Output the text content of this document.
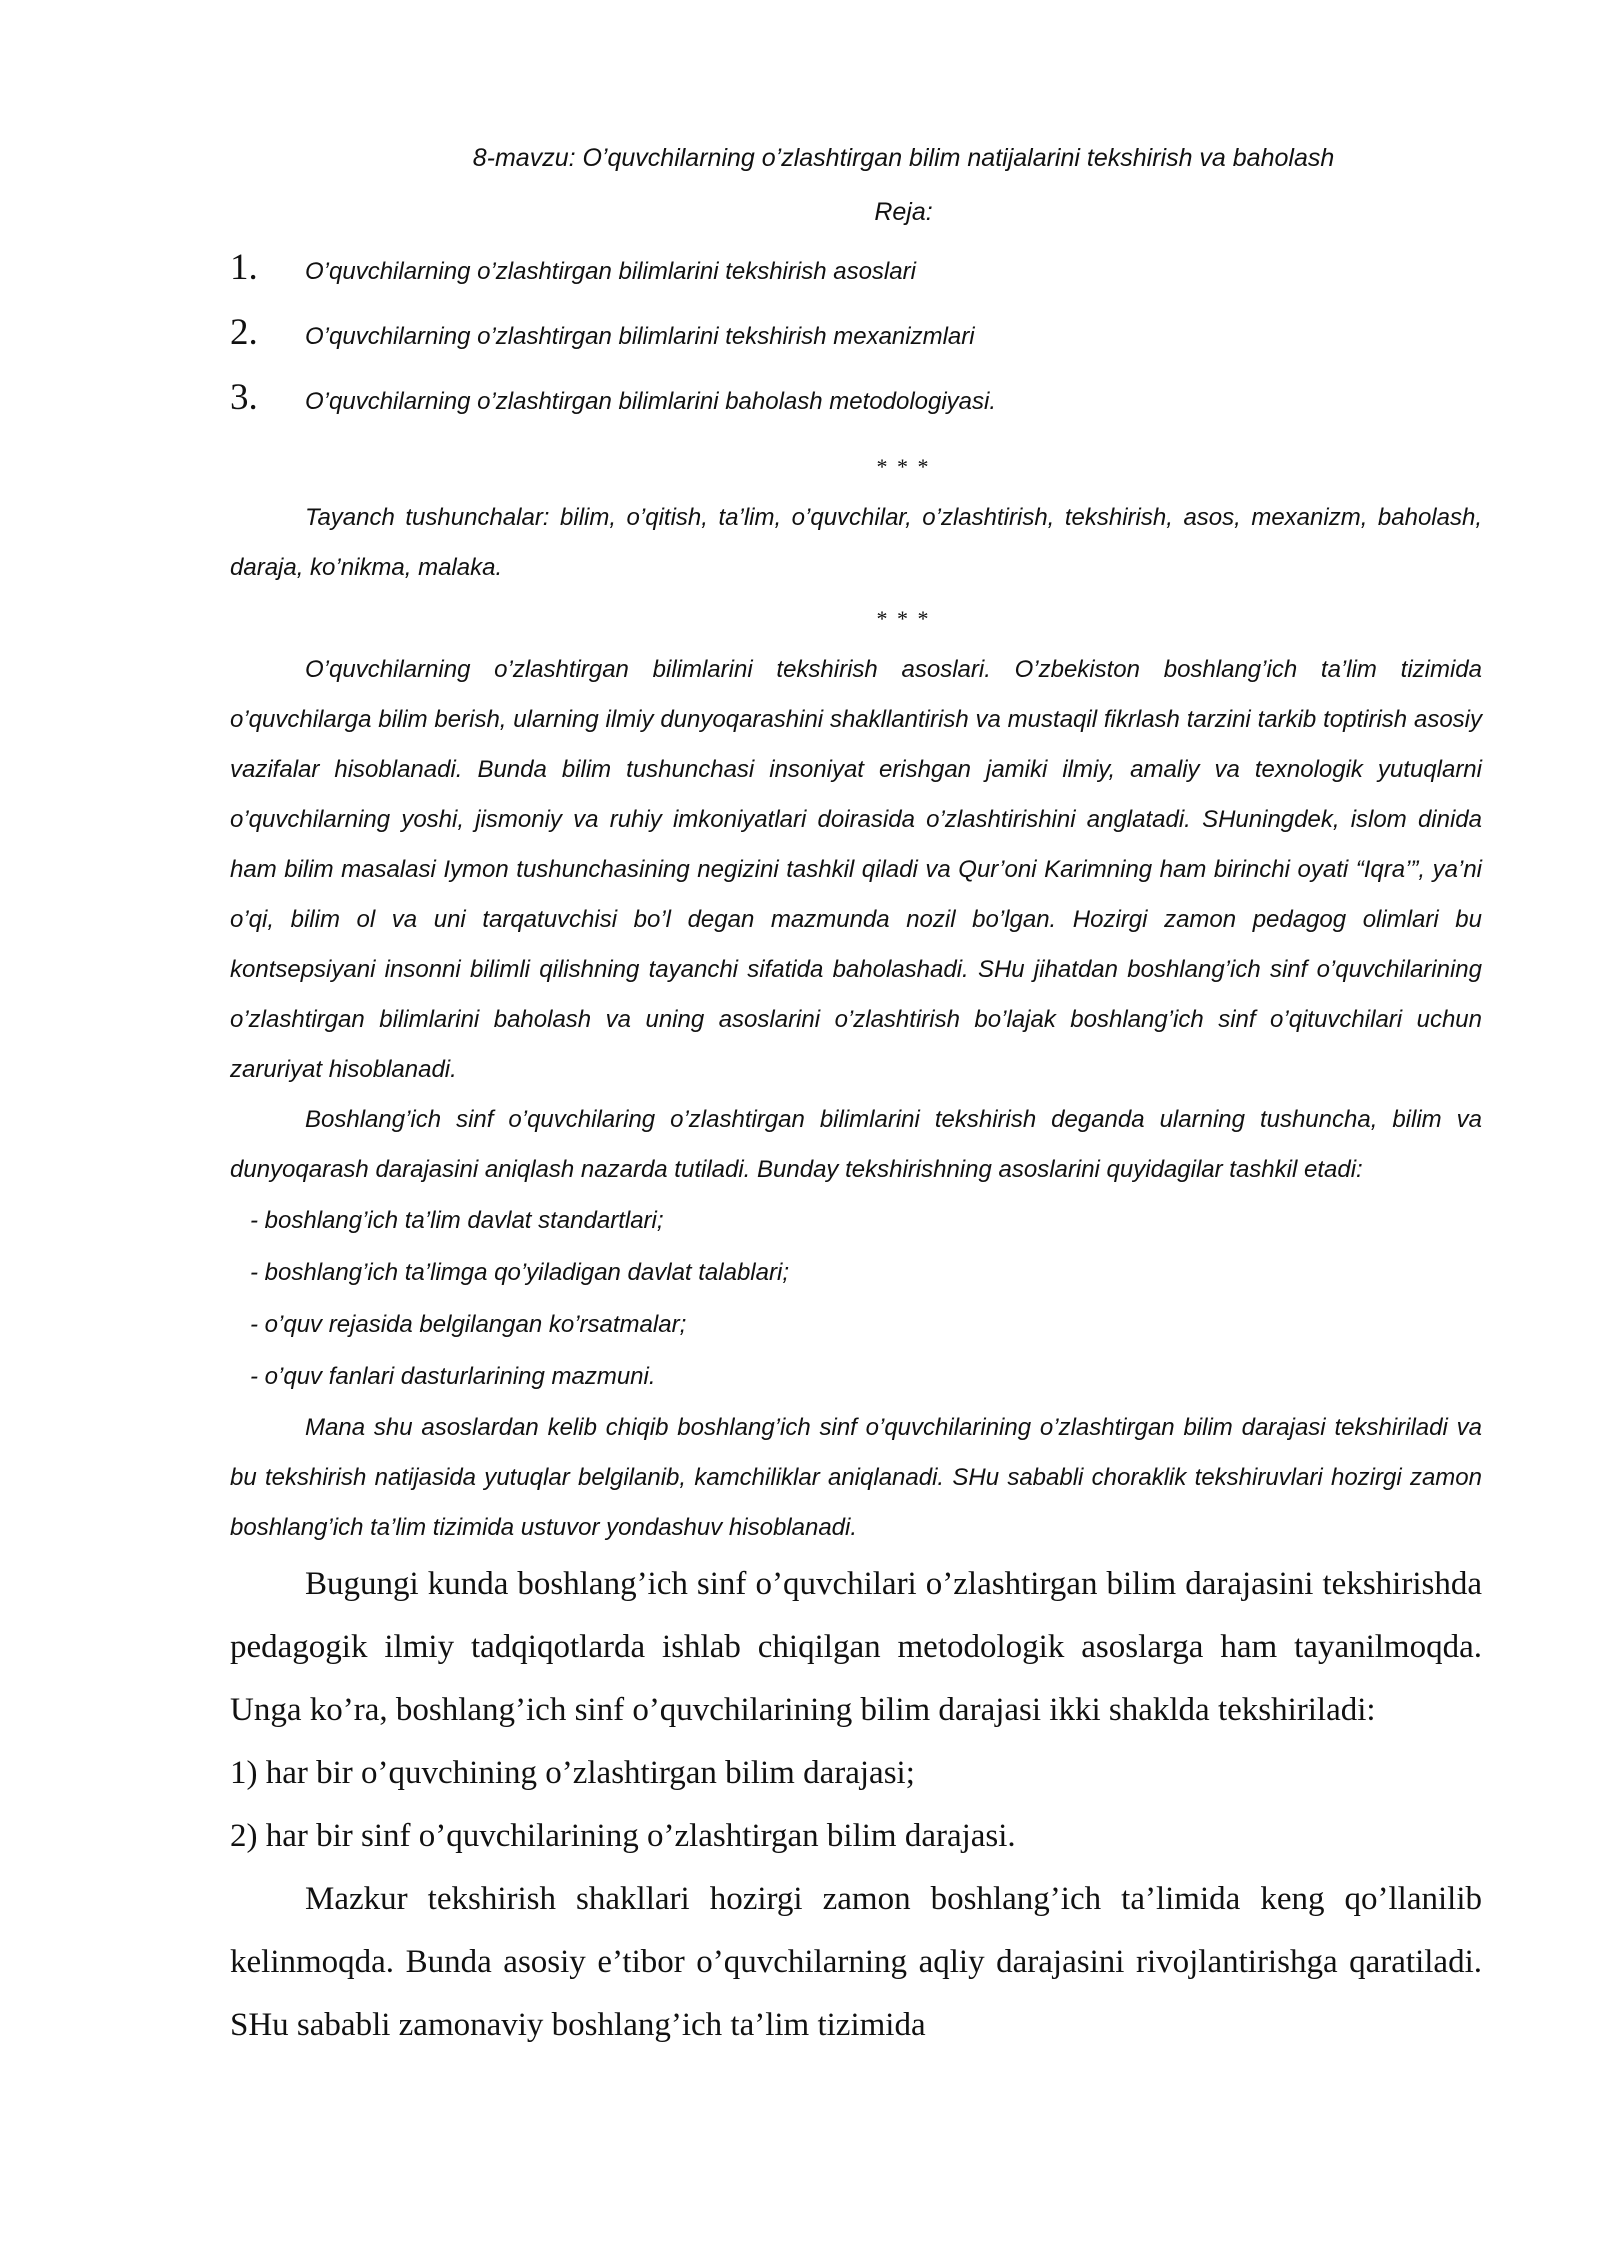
8-mavzu: O’quvchilarning o’zlashtirgan bilim natijalarini tekshirish va baholash
Reja:
1.	O’quvchilarning o’zlashtirgan bilimlarini tekshirish asoslari
2.	O’quvchilarning o’zlashtirgan bilimlarini tekshirish mexanizmlari
3.	O’quvchilarning o’zlashtirgan bilimlarini baholash metodologiyasi.
* * *
Tayanch tushunchalar: bilim, o’qitish, ta’lim, o’quvchilar, o’zlashtirish, tekshirish, asos, mexanizm, baholash, daraja, ko’nikma, malaka.
* * *
O’quvchilarning o’zlashtirgan bilimlarini tekshirish asoslari. O’zbekiston boshlang’ich ta’lim tizimida o’quvchilarga bilim berish, ularning ilmiy dunyoqarashini shakllantirish va mustaqil fikrlash tarzini tarkib toptirish asosiy vazifalar hisoblanadi. Bunda bilim tushunchasi insoniyat erishgan jamiki ilmiy, amaliy va texnologik yutuqlarni o’quvchilarning yoshi, jismoniy va ruhiy imkoniyatlari doirasida o’zlashtirishini anglatadi. SHuningdek, islom dinida ham bilim masalasi Iymon tushunchasining negizini tashkil qiladi va Qur’oni Karimning ham birinchi oyati “Iqra’”, ya’ni o’qi, bilim ol va uni tarqatuvchisi bo’l degan mazmunda nozil bo’lgan. Hozirgi zamon pedagog olimlari bu kontsepsiyani insonni bilimli qilishning tayanchi sifatida baholashadi. SHu jihatdan boshlang’ich sinf o’quvchilarining o’zlashtirgan bilimlarini baholash va uning asoslarini o’zlashtirish bo’lajak boshlang’ich sinf o’qituvchilari uchun zaruriyat hisoblanadi.
Boshlang’ich sinf o’quvchilaring o’zlashtirgan bilimlarini tekshirish deganda ularning tushuncha, bilim va dunyoqarash darajasini aniqlash nazarda tutiladi. Bunday tekshirishning asoslarini quyidagilar tashkil etadi:
- boshlang’ich ta’lim davlat standartlari;
- boshlang’ich ta’limga qo’yiladigan davlat talablari;
- o’quv rejasida belgilangan ko’rsatmalar;
- o’quv fanlari dasturlarining mazmuni.
Mana shu asoslardan kelib chiqib boshlang’ich sinf o’quvchilarining o’zlashtirgan bilim darajasi tekshiriladi va bu tekshirish natijasida yutuqlar belgilanib, kamchiliklar aniqlanadi. SHu sababli choraklik tekshiruvlari hozirgi zamon boshlang’ich ta’lim tizimida ustuvor yondashuv hisoblanadi.
Bugungi kunda boshlang’ich sinf o’quvchilari o’zlashtirgan bilim darajasini tekshirishda pedagogik ilmiy tadqiqotlarda ishlab chiqilgan metodologik asoslarga ham tayanilmoqda. Unga ko’ra, boshlang’ich sinf o’quvchilarining bilim darajasi ikki shaklda tekshiriladi:
1) har bir o’quvchining o’zlashtirgan bilim darajasi;
2) har bir sinf o’quvchilarining o’zlashtirgan bilim darajasi.
Mazkur tekshirish shakllari hozirgi zamon boshlang’ich ta’limida keng qo’llanilib kelinmoqda. Bunda asosiy e’tibor o’quvchilarning aqliy darajasini rivojlantirishga qaratiladi. SHu sababli zamonaviy boshlang’ich ta’lim tizimida
